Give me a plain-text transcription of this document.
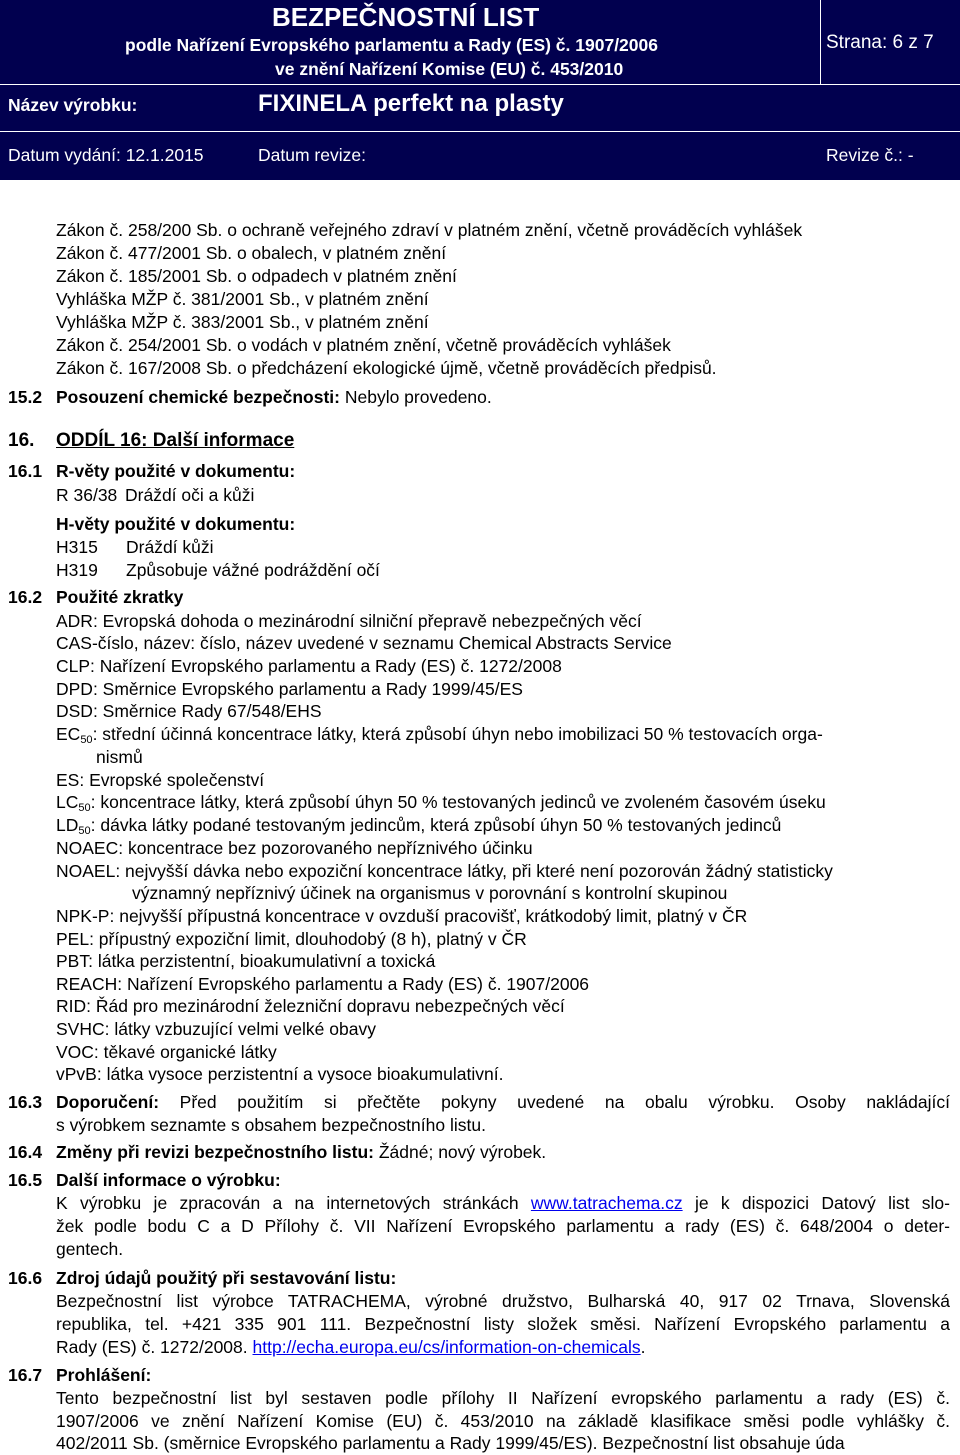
BEZPEČNOSTNÍ LIST
podle Nařízení Evropského parlamentu a Rady (ES) č. 1907/2006
ve znění Nařízení Komise (EU) č. 453/2010
Strana: 6 z 7
Název výrobku:	FIXINELA perfekt na plasty
Datum vydání: 12.1.2015	Datum revize:	Revize č.: -
Zákon č. 258/200 Sb. o ochraně veřejného zdraví v platném znění, včetně prováděcích vyhlášek
Zákon č. 477/2001 Sb. o obalech, v platném znění
Zákon č. 185/2001 Sb. o odpadech v platném znění
Vyhláška MŽP č. 381/2001 Sb., v platném znění
Vyhláška MŽP č. 383/2001 Sb., v platném znění
Zákon č. 254/2001 Sb. o vodách v platném znění, včetně prováděcích vyhlášek
Zákon č. 167/2008 Sb. o předcházení ekologické újmě, včetně prováděcích předpisů.
15.2 Posouzení chemické bezpečnosti: Nebylo provedeno.
16. ODDÍL 16: Další informace
16.1 R-věty použité v dokumentu:
R 36/38 Dráždí oči a kůži
H-věty použité v dokumentu:
H315 Dráždí kůži
H319 Způsobuje vážné podráždění očí
16.2 Použité zkratky
ADR: Evropská dohoda o mezinárodní silniční přepravě nebezpečných věcí
CAS-číslo, název: číslo, název uvedené v seznamu Chemical Abstracts Service
CLP: Nařízení Evropského parlamentu a Rady (ES) č. 1272/2008
DPD: Směrnice Evropského parlamentu a Rady 1999/45/ES
DSD: Směrnice Rady 67/548/EHS
$EC_{50}$: střední účinná koncentrace látky, která způsobí úhyn nebo imobilizaci 50 % testovacích orga-
nismů
ES: Evropské společenství
$LC_{50}$: koncentrace látky, která způsobí úhyn 50 % testovaných jedinců ve zvoleném časovém úseku
$LD_{50}$: dávka látky podané testovaným jedincům, která způsobí úhyn 50 % testovaných jedinců
NOAEC: koncentrace bez pozorovaného nepříznivého účinku
NOAEL: nejvyšší dávka nebo expoziční koncentrace látky, při které není pozorován žádný statisticky
významný nepříznivý účinek na organismus v porovnání s kontrolní skupinou
NPK-P: nejvyšší přípustná koncentrace v ovzduší pracovišť, krátkodobý limit, platný v ČR
PEL: přípustný expoziční limit, dlouhodobý (8 h), platný v ČR
PBT: látka perzistentní, bioakumulativní a toxická
REACH: Nařízení Evropského parlamentu a Rady (ES) č. 1907/2006
RID: Řád pro mezinárodní železniční dopravu nebezpečných věcí
SVHC: látky vzbuzující velmi velké obavy
VOC: těkavé organické látky
vPvB: látka vysoce perzistentní a vysoce bioakumulativní.
16.3 Doporučení: Před použitím si přečtěte pokyny uvedené na obalu výrobku. Osoby nakládající
s výrobkem seznamte s obsahem bezpečnostního listu.
16.4 Změny při revizi bezpečnostního listu: Žádné; nový výrobek.
16.5 Další informace o výrobku:
K výrobku je zpracován a na internetových stránkách www.tatrachema.cz je k dispozici Datový list slo-
žek podle bodu C a D Přílohy č. VII Nařízení Evropského parlamentu a rady (ES) č. 648/2004 o deter-
gentech.
16.6 Zdroj údajů použitý při sestavování listu:
Bezpečnostní list výrobce TATRACHEMA, výrobné družstvo, Bulharská 40, 917 02 Trnava, Slovenská
republika, tel. +421 335 901 111. Bezpečnostní listy složek směsi. Nařízení Evropského parlamentu a
Rady (ES) č. 1272/2008. http://echa.europa.eu/cs/information-on-chemicals.
16.7 Prohlášení:
Tento bezpečnostní list byl sestaven podle přílohy II Nařízení evropského parlamentu a rady (ES) č.
1907/2006 ve znění Nařízení Komise (EU) č. 453/2010 na základě klasifikace směsi podle vyhlášky č.
402/2011 Sb. (směrnice Evropského parlamentu a Rady 1999/45/ES). Bezpečnostní list obsahuje úda
